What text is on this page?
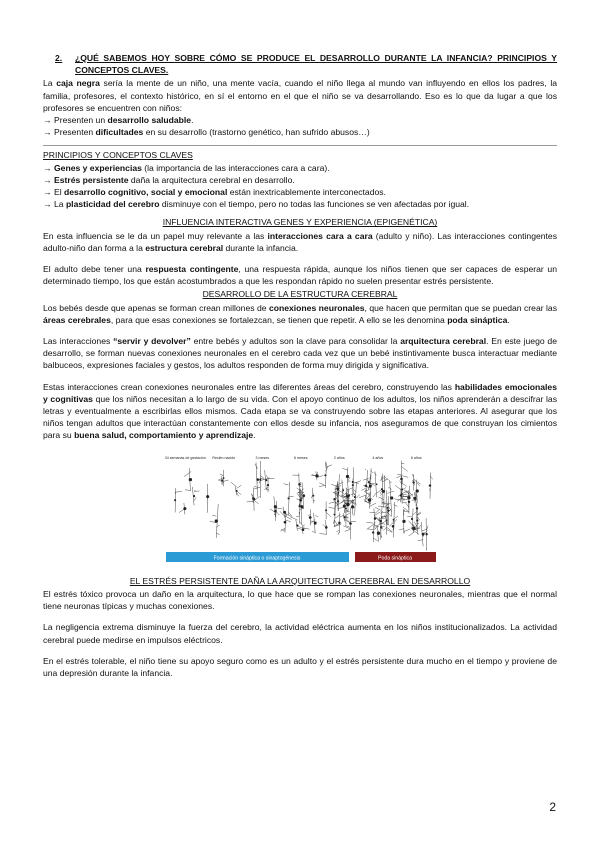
2.	¿QUÉ SABEMOS HOY SOBRE CÓMO SE PRODUCE EL DESARROLLO DURANTE LA INFANCIA? PRINCIPIOS Y CONCEPTOS CLAVES.

La caja negra sería la mente de un niño, una mente vacía, cuando el niño llega al mundo van influyendo en ellos los padres, la familia, profesores, el contexto histórico, en sí el entorno en el que el niño se va desarrollando. Eso es lo que da lugar a que los profesores se encuentren con niños:

→ Presenten un desarrollo saludable.

→ Presenten dificultades en su desarrollo (trastorno genético, han sufrido abusos…)

PRINCIPIOS Y CONCEPTOS CLAVES

→ Genes y experiencias (la importancia de las interacciones cara a cara).

→ Estrés persistente daña la arquitectura cerebral en desarrollo.

→ El desarrollo cognitivo, social y emocional están inextricablemente interconectados.

→ La plasticidad del cerebro disminuye con el tiempo, pero no todas las funciones se ven afectadas por igual.

INFLUENCIA INTERACTIVA GENES Y EXPERIENCIA (EPIGENÉTICA)

En esta influencia se le da un papel muy relevante a las interacciones cara a cara (adulto y niño). Las interacciones contingentes adulto-niño dan forma a la estructura cerebral durante la infancia.

El adulto debe tener una respuesta contingente, una respuesta rápida, aunque los niños tienen que ser capaces de esperar un determinado tiempo, los que están acostumbrados a que les respondan rápido no suelen presentar estrés persistente.

DESARROLLO DE LA ESTRUCTURA CEREBRAL

Los bebés desde que apenas se forman crean millones de conexiones neuronales, que hacen que permitan que se puedan crear las áreas cerebrales, para que esas conexiones se fortalezcan, se tienen que repetir. A ello se les denomina poda sináptica.

Las interacciones “servir y devolver” entre bebés y adultos son la clave para consolidar la arquitectura cerebral. En este juego de desarrollo, se forman nuevas conexiones neuronales en el cerebro cada vez que un bebé instintivamente busca interactuar mediante balbuceos, expresiones faciales y gestos, los adultos responden de forma muy dirigida y significativa.

Estas interacciones crean conexiones neuronales entre las diferentes áreas del cerebro, construyendo las habilidades emocionales y cognitivas que los niños necesitan a lo largo de su vida. Con el apoyo continuo de los adultos, los niños aprenderán a descifrar las letras y eventualmente a escribirlas ellos mismos. Cada etapa se va construyendo sobre las etapas anteriores. Al asegurar que los niños tengan adultos que interactúan constantemente con ellos desde su infancia, nos aseguramos de que construyan los cimientos para su buena salud, comportamiento y aprendizaje.

34 semanas de gestación Recién nacido	3 meses	6 meses	2 años	4 años	6 años
Formación sináptica o sinaptogénesis	Poda sináptica

EL ESTRÉS PERSISTENTE DAÑA LA ARQUITECTURA CEREBRAL EN DESARROLLO

El estrés tóxico provoca un daño en la arquitectura, lo que hace que se rompan las conexiones neuronales, mientras que el normal tiene neuronas típicas y muchas conexiones.

La negligencia extrema disminuye la fuerza del cerebro, la actividad eléctrica aumenta en los niños institucionalizados. La actividad cerebral puede medirse en impulsos eléctricos.

En el estrés tolerable, el niño tiene su apoyo seguro como es un adulto y el estrés persistente dura mucho en el tiempo y proviene de una depresión durante la infancia.

2
